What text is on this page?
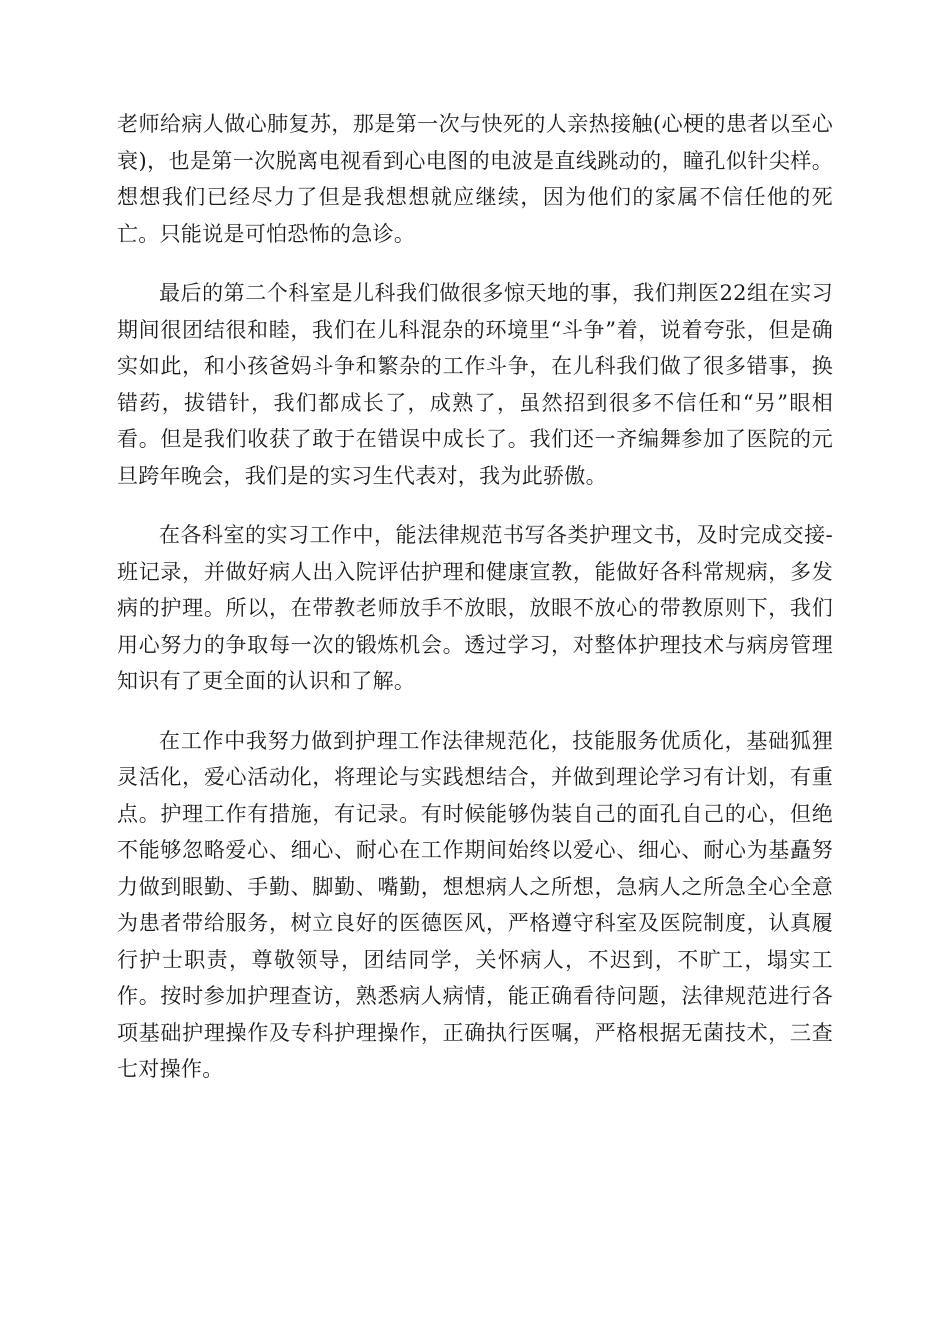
老师给病人做心肺复苏，那是第一次与快死的人亲热接触(心梗的患者以至心衰)，也是第一次脱离电视看到心电图的电波是直线跳动的，瞳孔似针尖样。想想我们已经尽力了但是我想想就应继续，因为他们的家属不信任他的死亡。只能说是可怕恐怖的急诊。

最后的第二个科室是儿科我们做很多惊天地的事，我们荆医22组在实习期间很团结很和睦，我们在儿科混杂的环境里“斗争”着，说着夸张，但是确实如此，和小孩爸妈斗争和繁杂的工作斗争，在儿科我们做了很多错事，换错药，拔错针，我们都成长了，成熟了，虽然招到很多不信任和“另”眼相看。但是我们收获了敢于在错误中成长了。我们还一齐编舞参加了医院的元旦跨年晚会，我们是的实习生代表对，我为此骄傲。

在各科室的实习工作中，能法律规范书写各类护理文书，及时完成交接-班记录，并做好病人出入院评估护理和健康宣教，能做好各科常规病，多发病的护理。所以，在带教老师放手不放眼，放眼不放心的带教原则下，我们用心努力的争取每一次的锻炼机会。透过学习，对整体护理技术与病房管理知识有了更全面的认识和了解。

在工作中我努力做到护理工作法律规范化，技能服务优质化，基础狐狸灵活化，爱心活动化，将理论与实践想结合，并做到理论学习有计划，有重点。护理工作有措施，有记录。有时候能够伪装自己的面孔自己的心，但绝不能够忽略爱心、细心、耐心在工作期间始终以爱心、细心、耐心为基矗努力做到眼勤、手勤、脚勤、嘴勤，想想病人之所想，急病人之所急全心全意为患者带给服务，树立良好的医德医风，严格遵守科室及医院制度，认真履行护士职责，尊敬领导，团结同学，关怀病人，不迟到，不旷工，塌实工作。按时参加护理查访，熟悉病人病情，能正确看待问题，法律规范进行各项基础护理操作及专科护理操作，正确执行医嘱，严格根据无菌技术，三查七对操作。
